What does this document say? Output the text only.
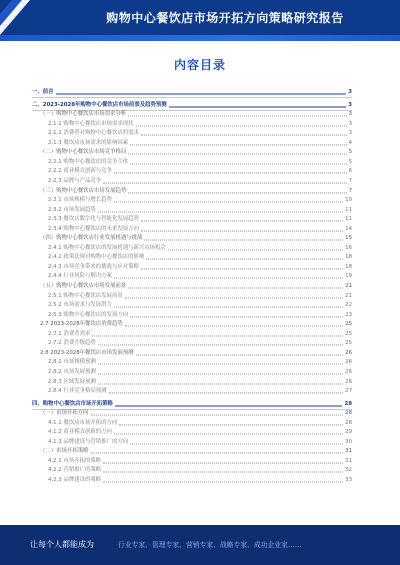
购物中心餐饮店市场开拓方向策略研究报告
内容目录
一、前言	3
二、2023-2028年购物中心餐饮店市场前景及趋势预测	3
（一）购物中心餐饮店市场需求分析	3
2.1.1 购物中心餐饮店市场需求现状	3
2.1.2 消费者对购物中心餐饮店的需求	3
2.1.3 餐饮店市场需求的影响因素	4
（二）购物中心餐饮店市场竞争格局	5
2.2.1 购物中心餐饮店的竞争主体	5
2.2.2 商业模式创新与竞争	6
2.2.3 品牌与产品竞争	7
（三）购物中心餐饮店市场发展趋势	7
2.3.1 市场规模与增长趋势	10
2.3.2 市场发展趋势	11
2.3.3 餐饮店数字化与智能化发展趋势	11
2.3.4 购物中心餐饮店的未来发展方向	14
（四）购物中心餐饮店行业发展机遇与挑战	15
2.4.1 购物中心餐饮店的发展机遇与新兴市场机会	16
2.4.2 政策法规对购物中心餐饮店的影响	18
2.4.3 市场竞争带来的挑战与应对策略	18
2.4.4 行业风险与解决方案	19
（五）购物中心餐饮店市场发展前景	21
2.5.1 购物中心餐饮店发展前景	21
2.5.2 市场需求与发展潜力	22
2.5.3 购物中心餐饮店的发展方向	23
2.7 2023-2028年餐饮店消费趋势	25
2.7.1 消费者需求	25
2.7.2 消费升级趋势	25
2.8 2023-2028年餐饮店市场发展预测	26
2.8.1 市场规模预测	26
2.8.2 市场发展预测	26
2.8.3 区域发展预测	26
2.8.4 行业竞争格局预测	27
四、购物中心餐饮店市场开拓策略	28
（一）市场开拓方向	28
4.1.1 餐饮店市场开拓的方向	28
4.1.2 商业模式创新的方向	29
4.1.3 品牌建设与营销推广的方向	30
（二）市场开拓策略	31
4.2.1 市场开拓的策略	31
4.2.2 营销推广的策略	32
4.2.3 品牌建设的策略	33
让每个人都能成为	行业专家、管理专家、营销专家、战略专家、成功企业家……
